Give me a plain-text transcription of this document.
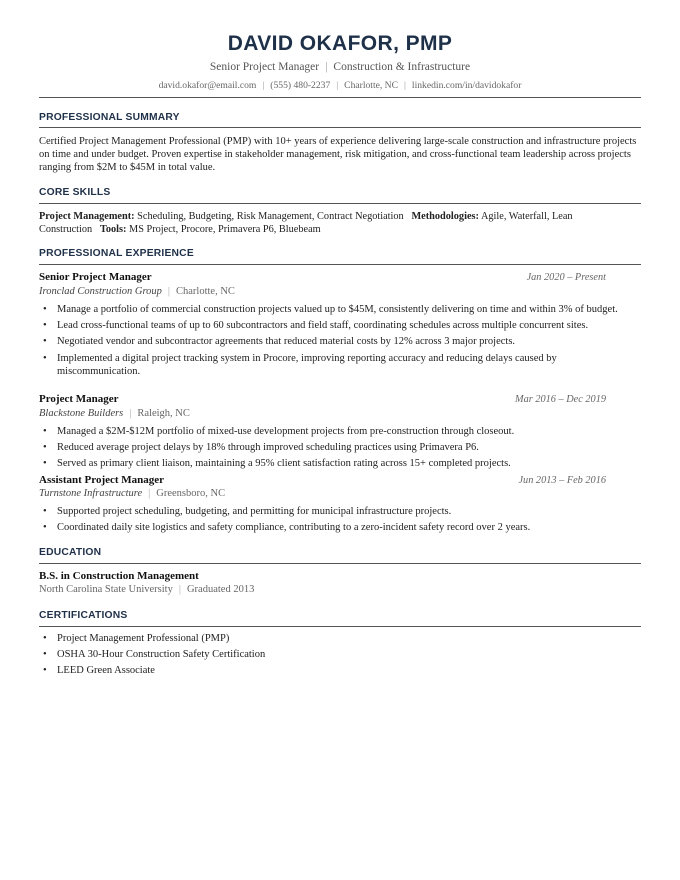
DAVID OKAFOR, PMP
Senior Project Manager | Construction & Infrastructure
david.okafor@email.com | (555) 480-2237 | Charlotte, NC | linkedin.com/in/davidokafor
PROFESSIONAL SUMMARY
Certified Project Management Professional (PMP) with 10+ years of experience delivering large-scale construction and infrastructure projects on time and under budget. Proven expertise in stakeholder management, risk mitigation, and cross-functional team leadership across projects ranging from $2M to $45M in total value.
CORE SKILLS
Project Management: Scheduling, Budgeting, Risk Management, Contract Negotiation Methodologies: Agile, Waterfall, Lean Construction Tools: MS Project, Procore, Primavera P6, Bluebeam
PROFESSIONAL EXPERIENCE
Senior Project Manager	Jan 2020 – Present
Ironclad Construction Group | Charlotte, NC
• Manage a portfolio of commercial construction projects valued up to $45M, consistently delivering on time and within 3% of budget.
• Lead cross-functional teams of up to 60 subcontractors and field staff, coordinating schedules across multiple concurrent sites.
• Negotiated vendor and subcontractor agreements that reduced material costs by 12% across 3 major projects.
• Implemented a digital project tracking system in Procore, improving reporting accuracy and reducing delays caused by miscommunication.
Project Manager	Mar 2016 – Dec 2019
Blackstone Builders | Raleigh, NC
• Managed a $2M-$12M portfolio of mixed-use development projects from pre-construction through closeout.
• Reduced average project delays by 18% through improved scheduling practices using Primavera P6.
• Served as primary client liaison, maintaining a 95% client satisfaction rating across 15+ completed projects.
Assistant Project Manager	Jun 2013 – Feb 2016
Turnstone Infrastructure | Greensboro, NC
• Supported project scheduling, budgeting, and permitting for municipal infrastructure projects.
• Coordinated daily site logistics and safety compliance, contributing to a zero-incident safety record over 2 years.
EDUCATION
B.S. in Construction Management
North Carolina State University | Graduated 2013
CERTIFICATIONS
• Project Management Professional (PMP)
• OSHA 30-Hour Construction Safety Certification
• LEED Green Associate
